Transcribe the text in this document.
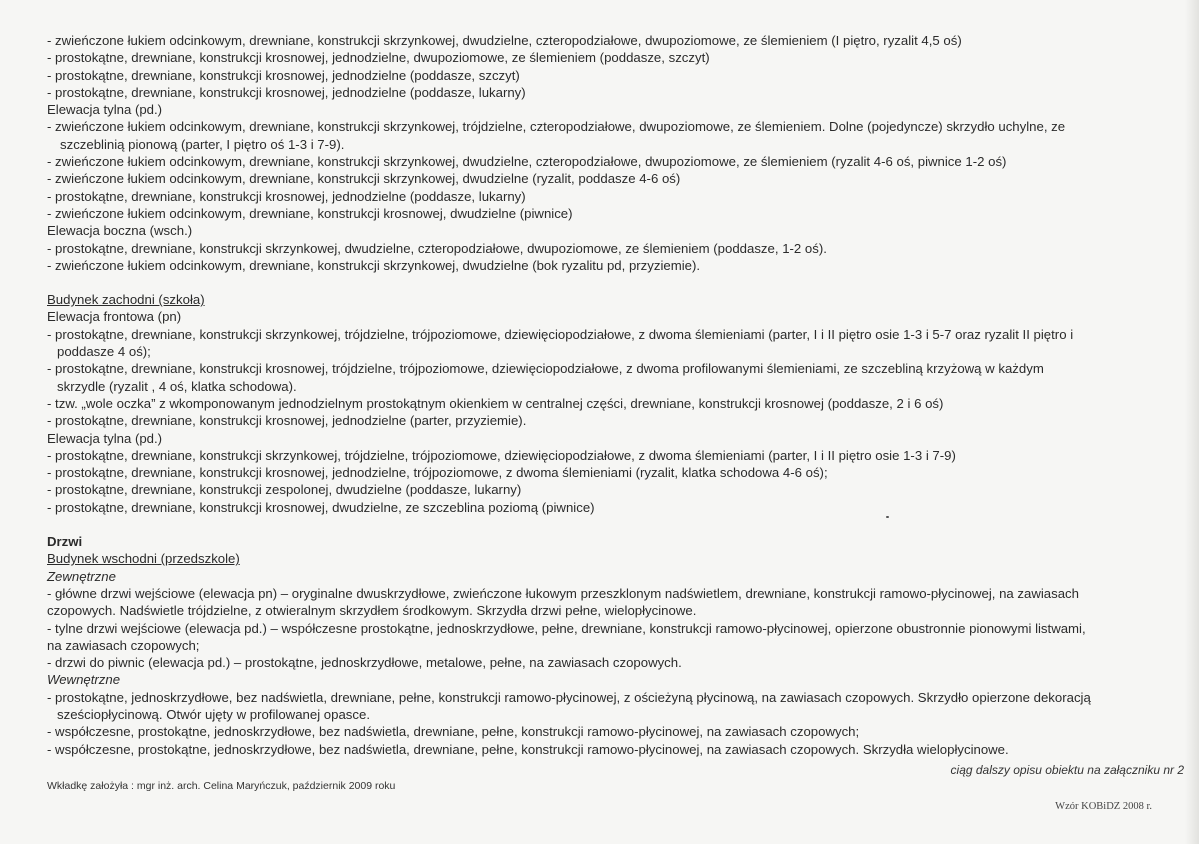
- zwieńczone łukiem odcinkowym, drewniane, konstrukcji skrzynkowej, dwudzielne, czteropodziałowe, dwupoziomowe, ze ślemieniem (I piętro, ryzalit 4,5 oś)
- prostokątne, drewniane, konstrukcji krosnowej, jednodzielne, dwupoziomowe, ze ślemieniem (poddasze, szczyt)
- prostokątne, drewniane, konstrukcji krosnowej, jednodzielne (poddasze, szczyt)
- prostokątne, drewniane, konstrukcji krosnowej, jednodzielne (poddasze, lukarny)
Elewacja tylna (pd.)
- zwieńczone łukiem odcinkowym, drewniane, konstrukcji skrzynkowej, trójdzielne, czteropodziałowe, dwupoziomowe, ze ślemieniem. Dolne (pojedyncze) skrzydło uchylne, ze
szczeblinią pionową (parter, I piętro oś 1-3 i 7-9).
- zwieńczone łukiem odcinkowym, drewniane, konstrukcji skrzynkowej, dwudzielne, czteropodziałowe, dwupoziomowe, ze ślemieniem (ryzalit 4-6 oś, piwnice 1-2 oś)
- zwieńczone łukiem odcinkowym, drewniane, konstrukcji skrzynkowej, dwudzielne (ryzalit, poddasze 4-6 oś)
- prostokątne, drewniane, konstrukcji krosnowej, jednodzielne (poddasze, lukarny)
- zwieńczone łukiem odcinkowym, drewniane, konstrukcji krosnowej, dwudzielne (piwnice)
Elewacja boczna (wsch.)
- prostokątne, drewniane, konstrukcji skrzynkowej, dwudzielne, czteropodziałowe, dwupoziomowe, ze ślemieniem (poddasze, 1-2 oś).
- zwieńczone łukiem odcinkowym, drewniane, konstrukcji skrzynkowej, dwudzielne (bok ryzalitu pd, przyziemie).
Budynek zachodni (szkoła)
Elewacja frontowa (pn)
- prostokątne, drewniane, konstrukcji skrzynkowej, trójdzielne, trójpoziomowe, dziewięciopodziałowe, z dwoma ślemieniami (parter, I i II piętro osie 1-3 i 5-7 oraz ryzalit II piętro i
poddasze 4 oś);
- prostokątne, drewniane, konstrukcji krosnowej, trójdzielne, trójpoziomowe, dziewięciopodziałowe, z dwoma profilowanymi ślemieniami, ze szczebliną krzyżową w każdym
skrzydle (ryzalit , 4 oś, klatka schodowa).
- tzw. „wole oczka” z wkomponowanym jednodzielnym prostokątnym okienkiem w centralnej części, drewniane, konstrukcji krosnowej (poddasze, 2 i 6 oś)
- prostokątne, drewniane, konstrukcji krosnowej, jednodzielne (parter, przyziemie).
Elewacja tylna (pd.)
- prostokątne, drewniane, konstrukcji skrzynkowej, trójdzielne, trójpoziomowe, dziewięciopodziałowe, z dwoma ślemieniami (parter, I i II piętro osie 1-3 i 7-9)
- prostokątne, drewniane, konstrukcji krosnowej, jednodzielne, trójpoziomowe, z dwoma ślemieniami (ryzalit, klatka schodowa 4-6 oś);
- prostokątne, drewniane, konstrukcji zespolonej, dwudzielne (poddasze, lukarny)
- prostokątne, drewniane, konstrukcji krosnowej, dwudzielne, ze szczeblina poziomą (piwnice)
Drzwi
Budynek wschodni (przedszkole)
Zewnętrzne
- główne drzwi wejściowe (elewacja pn) – oryginalne dwuskrzydłowe, zwieńczone łukowym przeszklonym nadświetlem, drewniane, konstrukcji ramowo-płycinowej, na zawiasach
czopowych. Nadświetle trójdzielne, z otwieralnym skrzydłem środkowym. Skrzydła drzwi pełne, wielopłycinowe.
- tylne drzwi wejściowe (elewacja pd.) – współczesne prostokątne, jednoskrzydłowe, pełne, drewniane, konstrukcji ramowo-płycinowej, opierzone obustronnie pionowymi listwami,
na zawiasach czopowych;
- drzwi do piwnic (elewacja pd.) – prostokątne, jednoskrzydłowe, metalowe, pełne, na zawiasach czopowych.
Wewnętrzne
- prostokątne, jednoskrzydłowe, bez nadświetla, drewniane, pełne, konstrukcji ramowo-płycinowej, z ościeżyną płycinową, na zawiasach czopowych. Skrzydło opierzone dekoracją
sześciopłycinową. Otwór ujęty w profilowanej opasce.
- współczesne, prostokątne, jednoskrzydłowe, bez nadświetla, drewniane, pełne, konstrukcji ramowo-płycinowej, na zawiasach czopowych;
- współczesne, prostokątne, jednoskrzydłowe, bez nadświetla, drewniane, pełne, konstrukcji ramowo-płycinowej, na zawiasach czopowych. Skrzydła wielopłycinowe.
ciąg dalszy opisu obiektu na załączniku nr 2
Wkładkę założyła : mgr inż. arch. Celina Maryńczuk, październik 2009 roku
Wzór KOBiDZ 2008 r.
